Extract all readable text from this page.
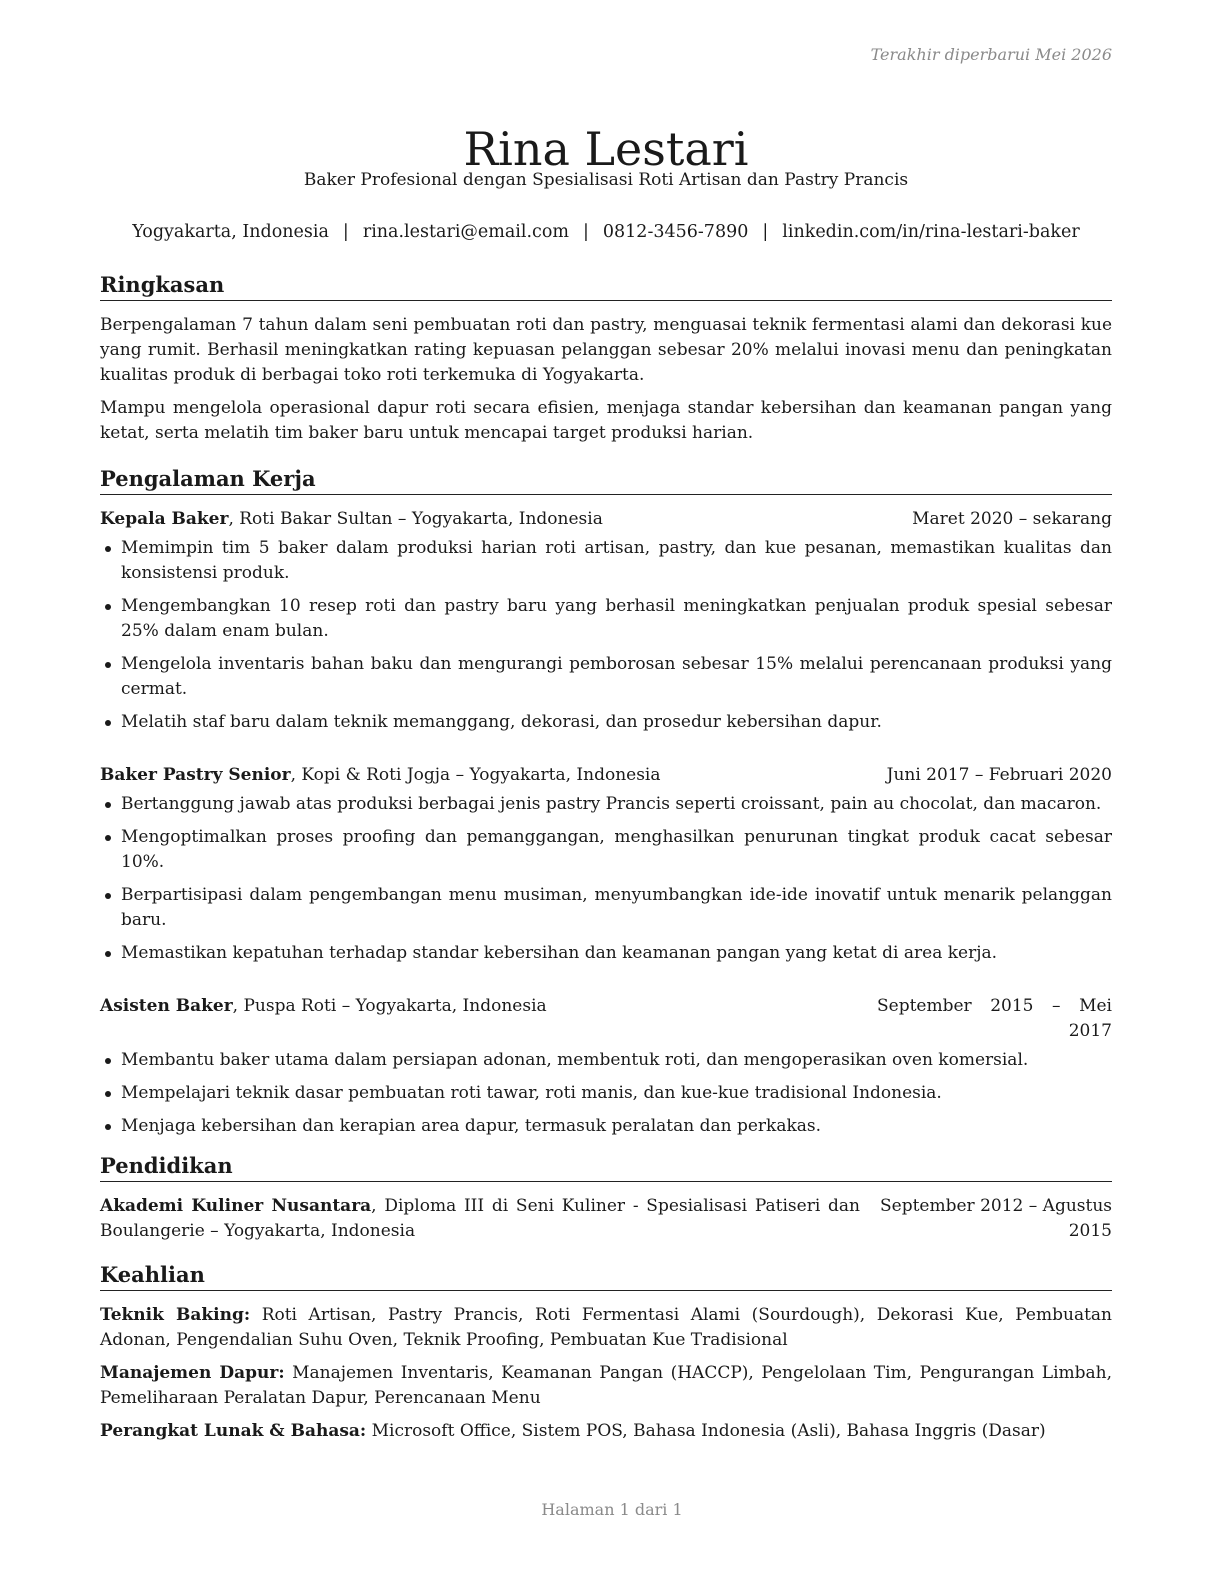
Terakhir diperbarui Mei 2026
Rina Lestari
Baker Profesional dengan Spesialisasi Roti Artisan dan Pastry Prancis
Yogyakarta, Indonesia | rina.lestari@email.com | 0812-3456-7890 | linkedin.com/in/rina-lestari-baker
Ringkasan

Berpengalaman 7 tahun dalam seni pembuatan roti dan pastry, menguasai teknik fermentasi alami dan dekorasi kue yang rumit. Berhasil meningkatkan rating kepuasan pelanggan sebesar 20% melalui inovasi menu dan peningkatan kualitas produk di berbagai toko roti terkemuka di Yogyakarta.

Mampu mengelola operasional dapur roti secara efisien, menjaga standar kebersihan dan keamanan pangan yang ketat, serta melatih tim baker baru untuk mencapai target produksi harian.

Pengalaman Kerja
Kepala Baker, Roti Bakar Sultan – Yogyakarta, Indonesia	Maret 2020 – sekarang
Memimpin tim 5 baker dalam produksi harian roti artisan, pastry, dan kue pesanan, memastikan kualitas dan konsistensi produk.
Mengembangkan 10 resep roti dan pastry baru yang berhasil meningkatkan penjualan produk spesial sebesar 25% dalam enam bulan.
Mengelola inventaris bahan baku dan mengurangi pemborosan sebesar 15% melalui perencanaan produksi yang cermat.
Melatih staf baru dalam teknik memanggang, dekorasi, dan prosedur kebersihan dapur.
Baker Pastry Senior, Kopi & Roti Jogja – Yogyakarta, Indonesia	Juni 2017 – Februari 2020
Bertanggung jawab atas produksi berbagai jenis pastry Prancis seperti croissant, pain au chocolat, dan macaron.
Mengoptimalkan proses proofing dan pemanggangan, menghasilkan penurunan tingkat produk cacat sebesar 10%.
Berpartisipasi dalam pengembangan menu musiman, menyumbangkan ide-ide inovatif untuk menarik pelanggan baru.
Memastikan kepatuhan terhadap standar kebersihan dan keamanan pangan yang ketat di area kerja.
Asisten Baker, Puspa Roti – Yogyakarta, Indonesia	September 2015 – Mei 2017
Membantu baker utama dalam persiapan adonan, membentuk roti, dan mengoperasikan oven komersial.
Mempelajari teknik dasar pembuatan roti tawar, roti manis, dan kue-kue tradisional Indonesia.
Menjaga kebersihan dan kerapian area dapur, termasuk peralatan dan perkakas.
Pendidikan
Akademi Kuliner Nusantara, Diploma III di Seni Kuliner - Spesialisasi Patiseri dan Boulangerie – Yogyakarta, Indonesia
September 2012 – Agustus 2015
Keahlian

Teknik Baking: Roti Artisan, Pastry Prancis, Roti Fermentasi Alami (Sourdough), Dekorasi Kue, Pembuatan Adonan, Pengendalian Suhu Oven, Teknik Proofing, Pembuatan Kue Tradisional

Manajemen Dapur: Manajemen Inventaris, Keamanan Pangan (HACCP), Pengelolaan Tim, Pengurangan Limbah, Pemeliharaan Peralatan Dapur, Perencanaan Menu

Perangkat Lunak & Bahasa: Microsoft Office, Sistem POS, Bahasa Indonesia (Asli), Bahasa Inggris (Dasar)

Halaman 1 dari 1
